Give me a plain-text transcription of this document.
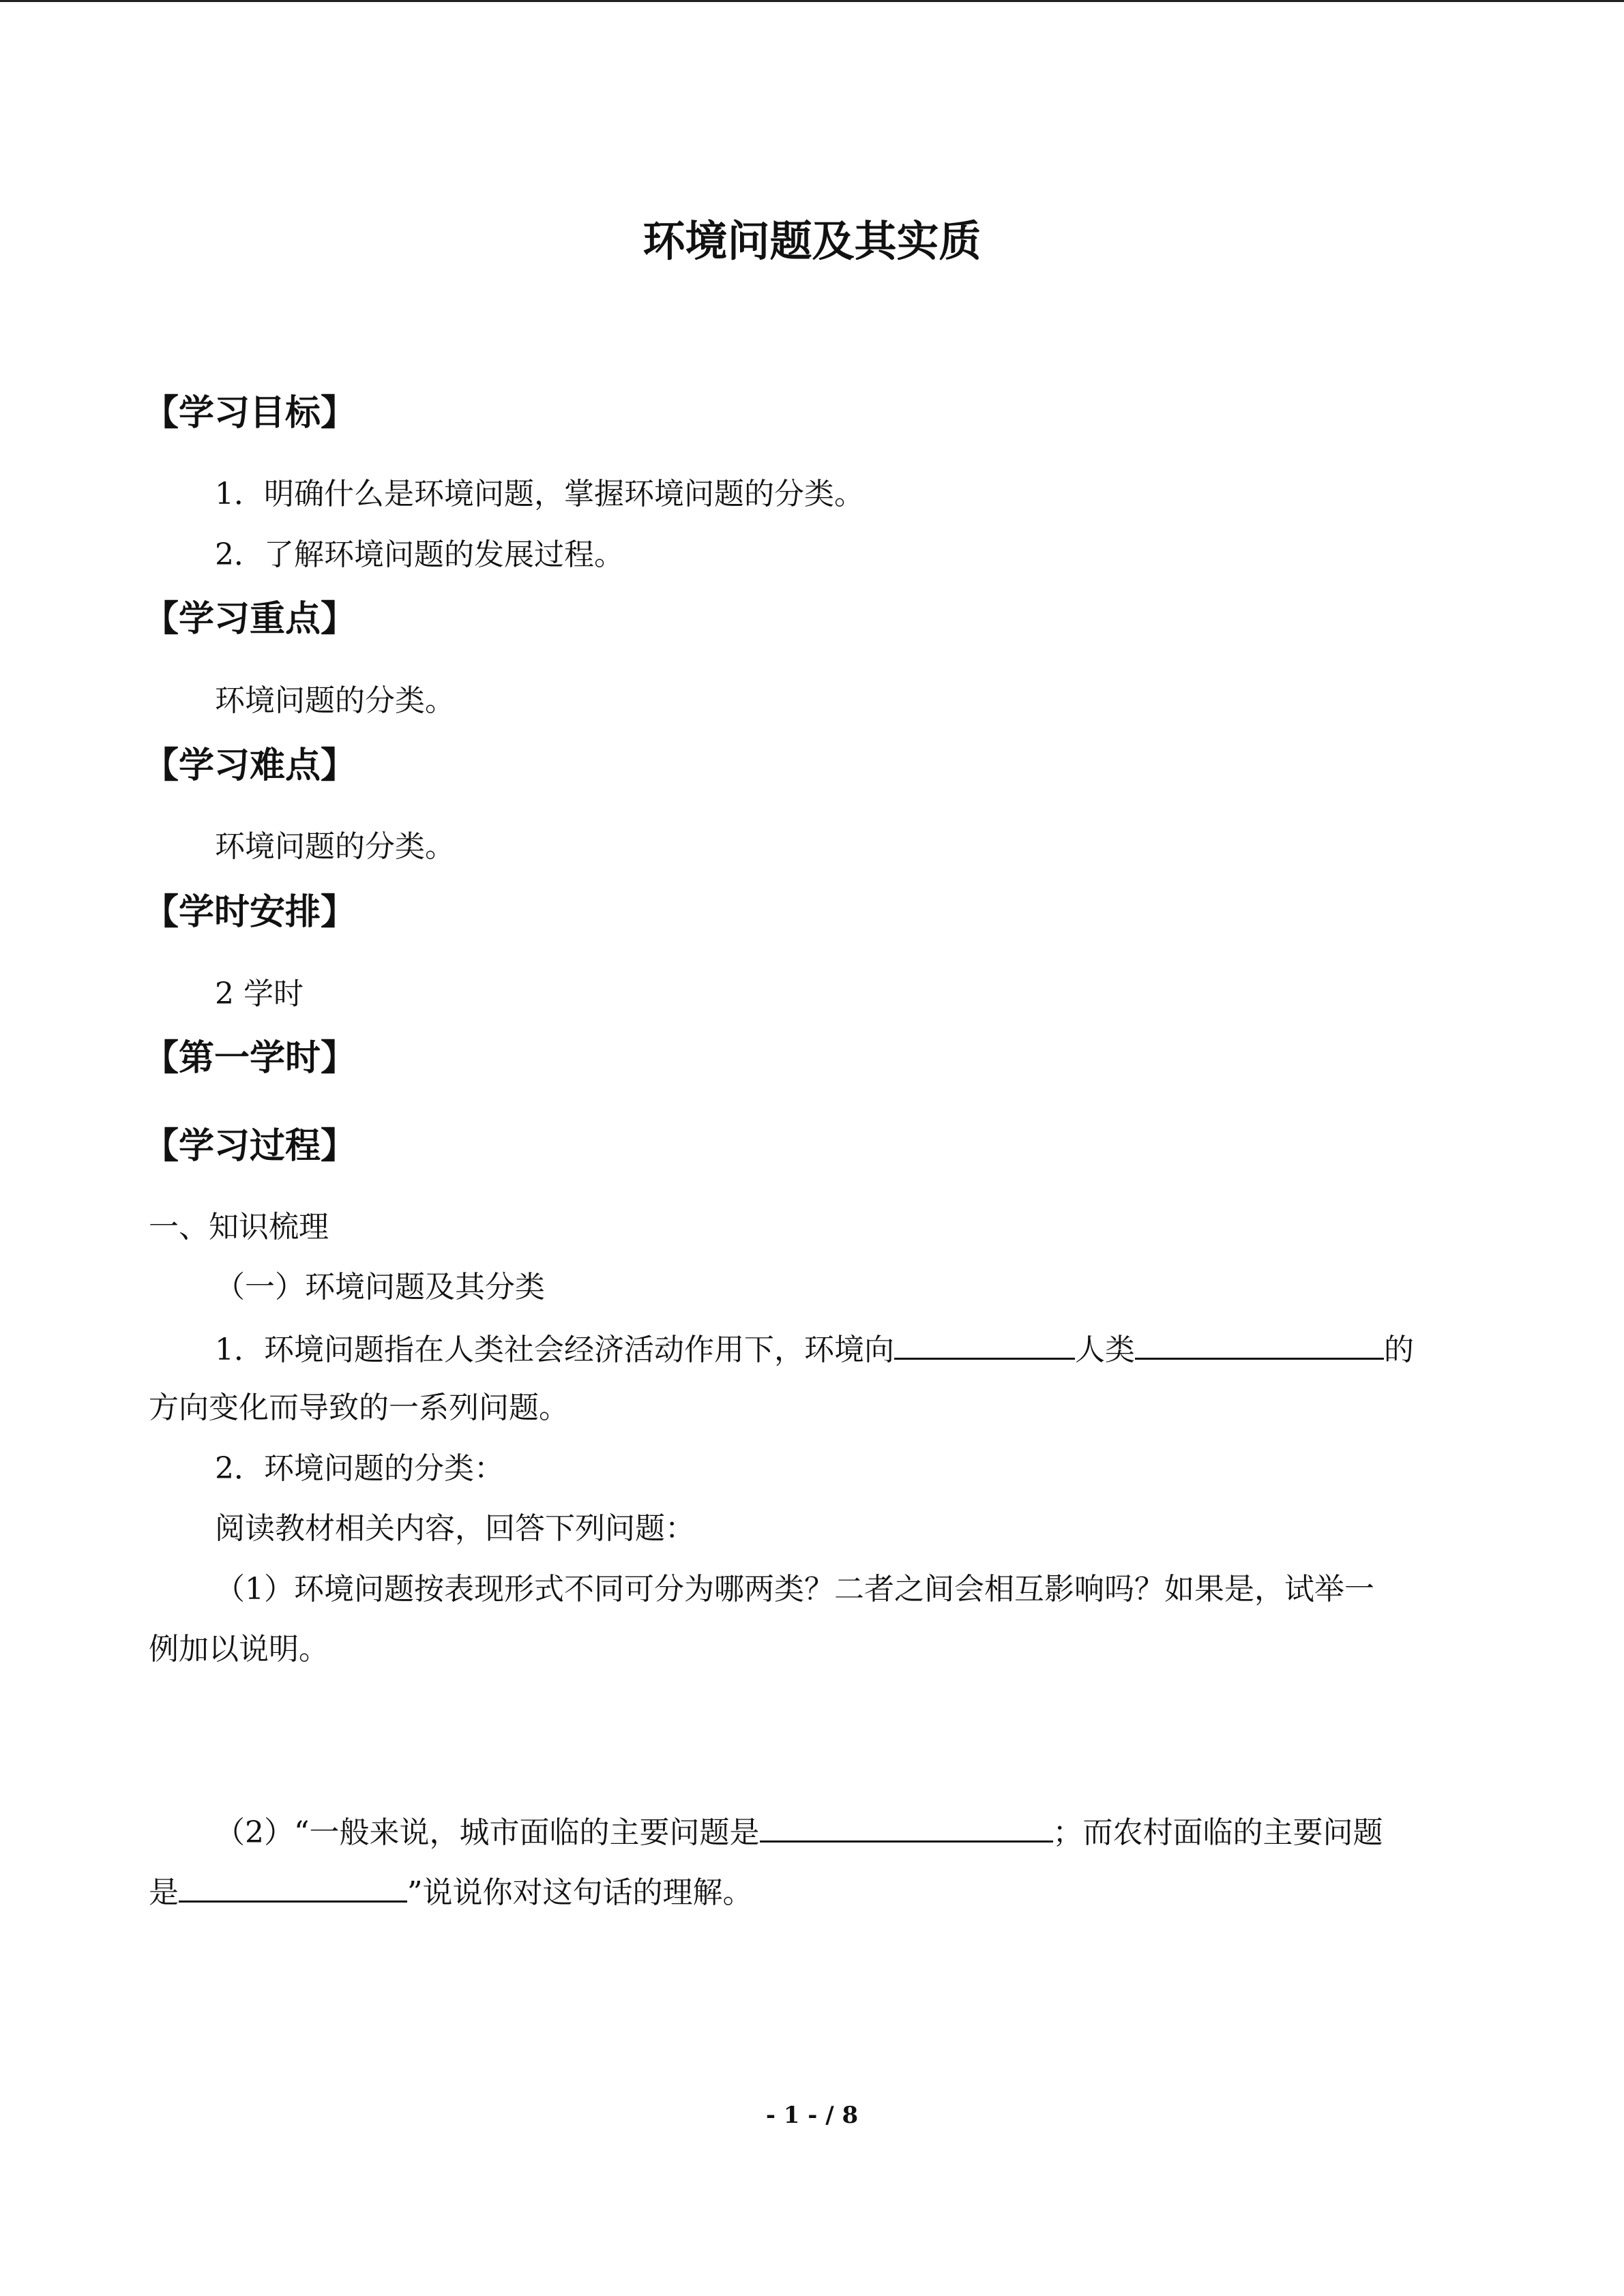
环境问题及其实质
【学习目标】
1．明确什么是环境问题，掌握环境问题的分类。
2．了解环境问题的发展过程。
【学习重点】
环境问题的分类。
【学习难点】
环境问题的分类。
【学时安排】
2 学时
【第一学时】
【学习过程】
一、知识梳理
（一）环境问题及其分类
1．环境问题指在人类社会经济活动作用下，环境向	人类	的
方向变化而导致的一系列问题。
2．环境问题的分类：
阅读教材相关内容，回答下列问题：
（1）环境问题按表现形式不同可分为哪两类？二者之间会相互影响吗？如果是，试举一
例加以说明。
（2）“一般来说，城市面临的主要问题是	；而农村面临的主要问题
是	”说说你对这句话的理解。
- 1 - / 8
